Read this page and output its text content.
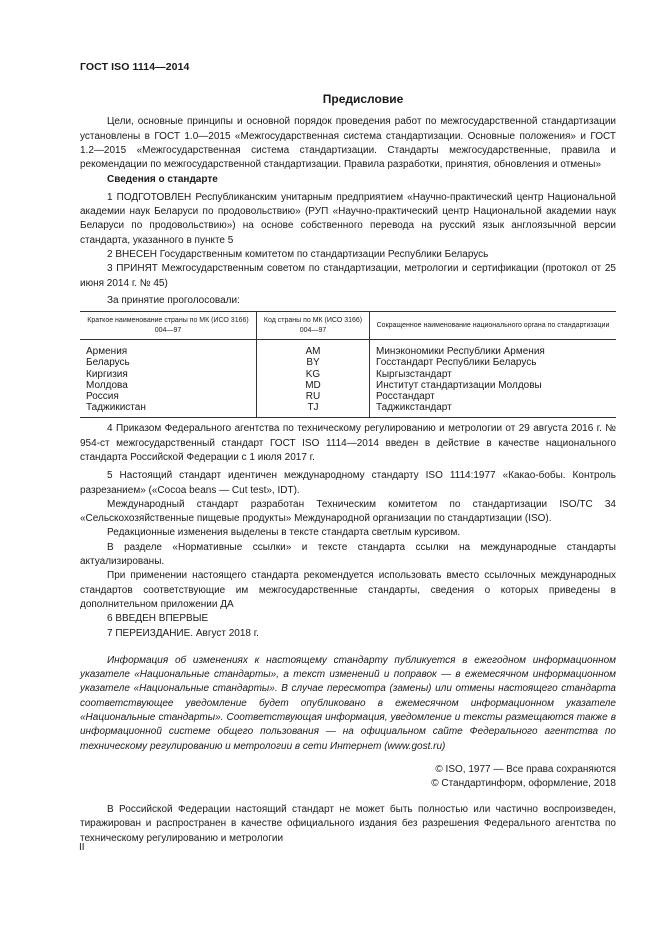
ГОСТ ISO 1114—2014
Предисловие

Цели, основные принципы и основной порядок проведения работ по межгосударственной стандартизации установлены в ГОСТ 1.0—2015 «Межгосударственная система стандартизации. Основные положения» и ГОСТ 1.2—2015 «Межгосударственная система стандартизации. Стандарты межгосударственные, правила и рекомендации по межгосударственной стандартизации. Правила разработки, принятия, обновления и отмены»

Сведения о стандарте

1 ПОДГОТОВЛЕН Республиканским унитарным предприятием «Научно-практический центр Национальной академии наук Беларуси по продовольствию» (РУП «Научно-практический центр Национальной академии наук Беларуси по продовольствию») на основе собственного перевода на русский язык англоязычной версии стандарта, указанного в пункте 5

2 ВНЕСЕН Государственным комитетом по стандартизации Республики Беларусь

3 ПРИНЯТ Межгосударственным советом по стандартизации, метрологии и сертификации (протокол от 25 июня 2014 г. № 45)

За принятие проголосовали:

Краткое наименование страны по МК (ИСО 3166) 004—97	Код страны по МК (ИСО 3166) 004—97	Сокращенное наименование национального органа по стандартизации
Армения	AM	Минэкономики Республики Армения
Беларусь	BY	Госстандарт Республики Беларусь
Киргизия	KG	Кыргызстандарт
Молдова	MD	Институт стандартизации Молдовы
Россия	RU	Росстандарт
Таджикистан	TJ	Таджикстандарт

4 Приказом Федерального агентства по техническому регулированию и метрологии от 29 августа 2016 г. № 954-ст межгосударственный стандарт ГОСТ ISO 1114—2014 введен в действие в качестве национального стандарта Российской Федерации с 1 июля 2017 г.

5 Настоящий стандарт идентичен международному стандарту ISO 1114:1977 «Какао-бобы. Контроль разрезанием» («Cocoa beans — Cut test», IDT).

Международный стандарт разработан Техническим комитетом по стандартизации ISO/TC 34 «Сельскохозяйственные пищевые продукты» Международной организации по стандартизации (ISO).

Редакционные изменения выделены в тексте стандарта светлым курсивом.

В разделе «Нормативные ссылки» и тексте стандарта ссылки на международные стандарты актуализированы.

При применении настоящего стандарта рекомендуется использовать вместо ссылочных международных стандартов соответствующие им межгосударственные стандарты, сведения о которых приведены в дополнительном приложении ДА

6 ВВЕДЕН ВПЕРВЫЕ

7 ПЕРЕИЗДАНИЕ. Август 2018 г.

Информация об изменениях к настоящему стандарту публикуется в ежегодном информационном указателе «Национальные стандарты», а текст изменений и поправок — в ежемесячном информационном указателе «Национальные стандарты». В случае пересмотра (замены) или отмены настоящего стандарта соответствующее уведомление будет опубликовано в ежемесячном информационном указателе «Национальные стандарты». Соответствующая информация, уведомление и тексты размещаются также в информационной системе общего пользования — на официальном сайте Федерального агентства по техническому регулированию и метрологии в сети Интернет (www.gost.ru)

© ISO, 1977 — Все права сохраняются
© Стандартинформ, оформление, 2018

В Российской Федерации настоящий стандарт не может быть полностью или частично воспроизведен, тиражирован и распространен в качестве официального издания без разрешения Федерального агентства по техническому регулированию и метрологии

II
